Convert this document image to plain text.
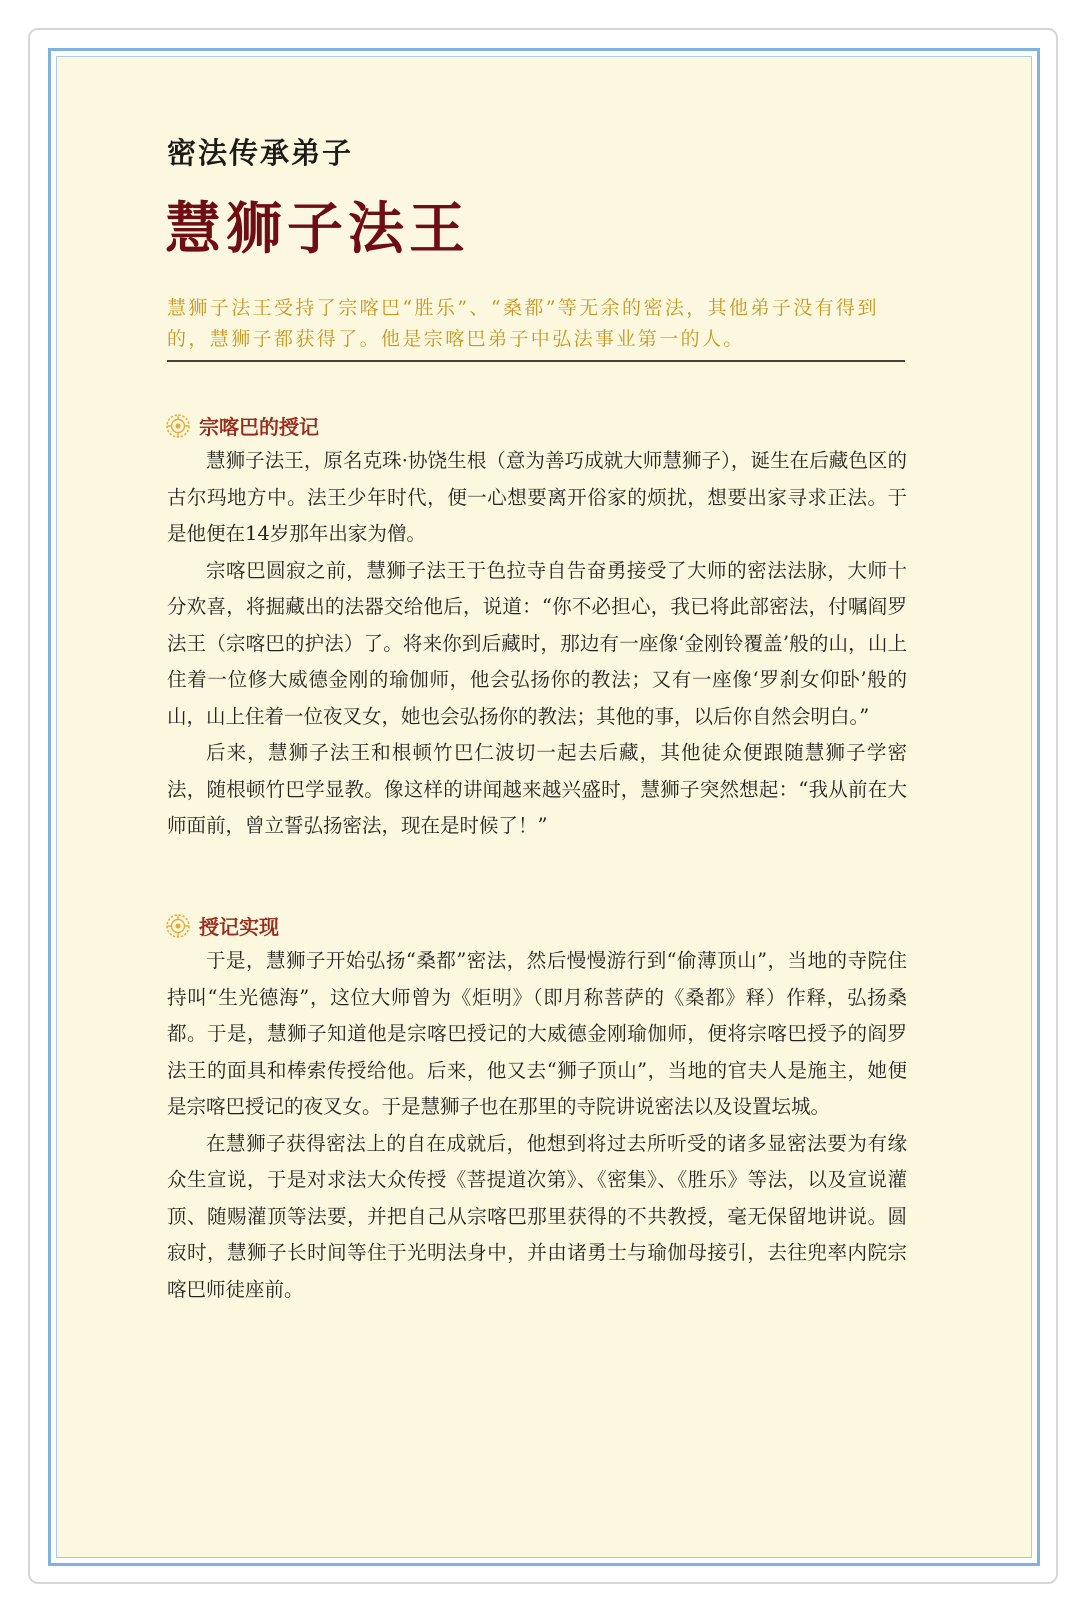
密法传承弟子
慧狮子法王
慧狮子法王受持了宗喀巴“胜乐”、“桑都”等无余的密法，其他弟子没有得到的，慧狮子都获得了。他是宗喀巴弟子中弘法事业第一的人。
宗喀巴的授记

慧狮子法王，原名克珠·协饶生根（意为善巧成就大师慧狮子），诞生在后藏色区的古尔玛地方中。法王少年时代，便一心想要离开俗家的烦扰，想要出家寻求正法。于是他便在14岁那年出家为僧。

宗喀巴圆寂之前，慧狮子法王于色拉寺自告奋勇接受了大师的密法法脉，大师十分欢喜，将掘藏出的法器交给他后，说道：“你不必担心，我已将此部密法，付嘱阎罗法王（宗喀巴的护法）了。将来你到后藏时，那边有一座像‘金刚铃覆盖’般的山，山上住着一位修大威德金刚的瑜伽师，他会弘扬你的教法；又有一座像‘罗刹女仰卧’般的山，山上住着一位夜叉女，她也会弘扬你的教法；其他的事，以后你自然会明白。”

后来，慧狮子法王和根顿竹巴仁波切一起去后藏，其他徒众便跟随慧狮子学密法，随根顿竹巴学显教。像这样的讲闻越来越兴盛时，慧狮子突然想起：“我从前在大师面前，曾立誓弘扬密法，现在是时候了！”

授记实现

于是，慧狮子开始弘扬“桑都”密法，然后慢慢游行到“偷薄顶山”，当地的寺院住持叫“生光德海”，这位大师曾为《炬明》（即月称菩萨的《桑都》释）作释，弘扬桑都。于是，慧狮子知道他是宗喀巴授记的大威德金刚瑜伽师，便将宗喀巴授予的阎罗法王的面具和棒索传授给他。后来，他又去“狮子顶山”，当地的官夫人是施主，她便是宗喀巴授记的夜叉女。于是慧狮子也在那里的寺院讲说密法以及设置坛城。

在慧狮子获得密法上的自在成就后，他想到将过去所听受的诸多显密法要为有缘众生宣说，于是对求法大众传授《菩提道次第》、《密集》、《胜乐》等法，以及宣说灌顶、随赐灌顶等法要，并把自己从宗喀巴那里获得的不共教授，毫无保留地讲说。圆寂时，慧狮子长时间等住于光明法身中，并由诸勇士与瑜伽母接引，去往兜率内院宗喀巴师徒座前。
